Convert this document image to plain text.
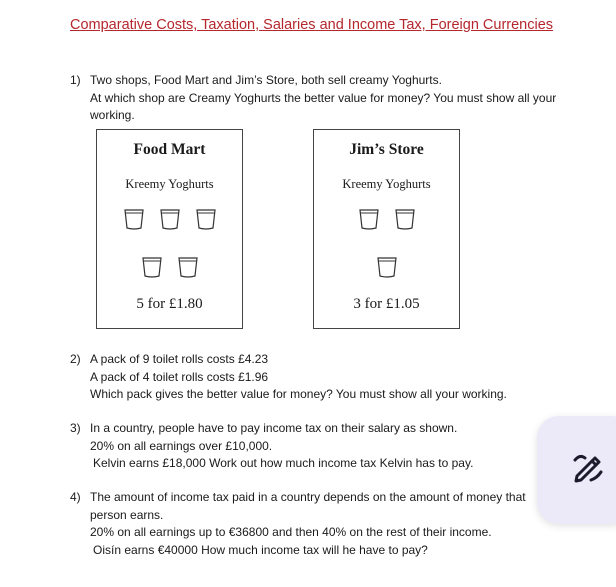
Comparative Costs, Taxation, Salaries and Income Tax, Foreign Currencies
1) Two shops, Food Mart and Jim’s Store, both sell creamy Yoghurts.
At which shop are Creamy Yoghurts the better value for money? You must show all your working.
Food Mart
Kreemy Yoghurts
5 for £1.80
Jim’s Store
Kreemy Yoghurts
3 for £1.05
2) A pack of 9 toilet rolls costs £4.23
A pack of 4 toilet rolls costs £1.96
Which pack gives the better value for money? You must show all your working.
3) In a country, people have to pay income tax on their salary as shown.
20% on all earnings over £10,000.
Kelvin earns £18,000 Work out how much income tax Kelvin has to pay.
4) The amount of income tax paid in a country depends on the amount of money that person earns.
20% on all earnings up to €36800 and then 40% on the rest of their income.
Oisín earns €40000 How much income tax will he have to pay?
